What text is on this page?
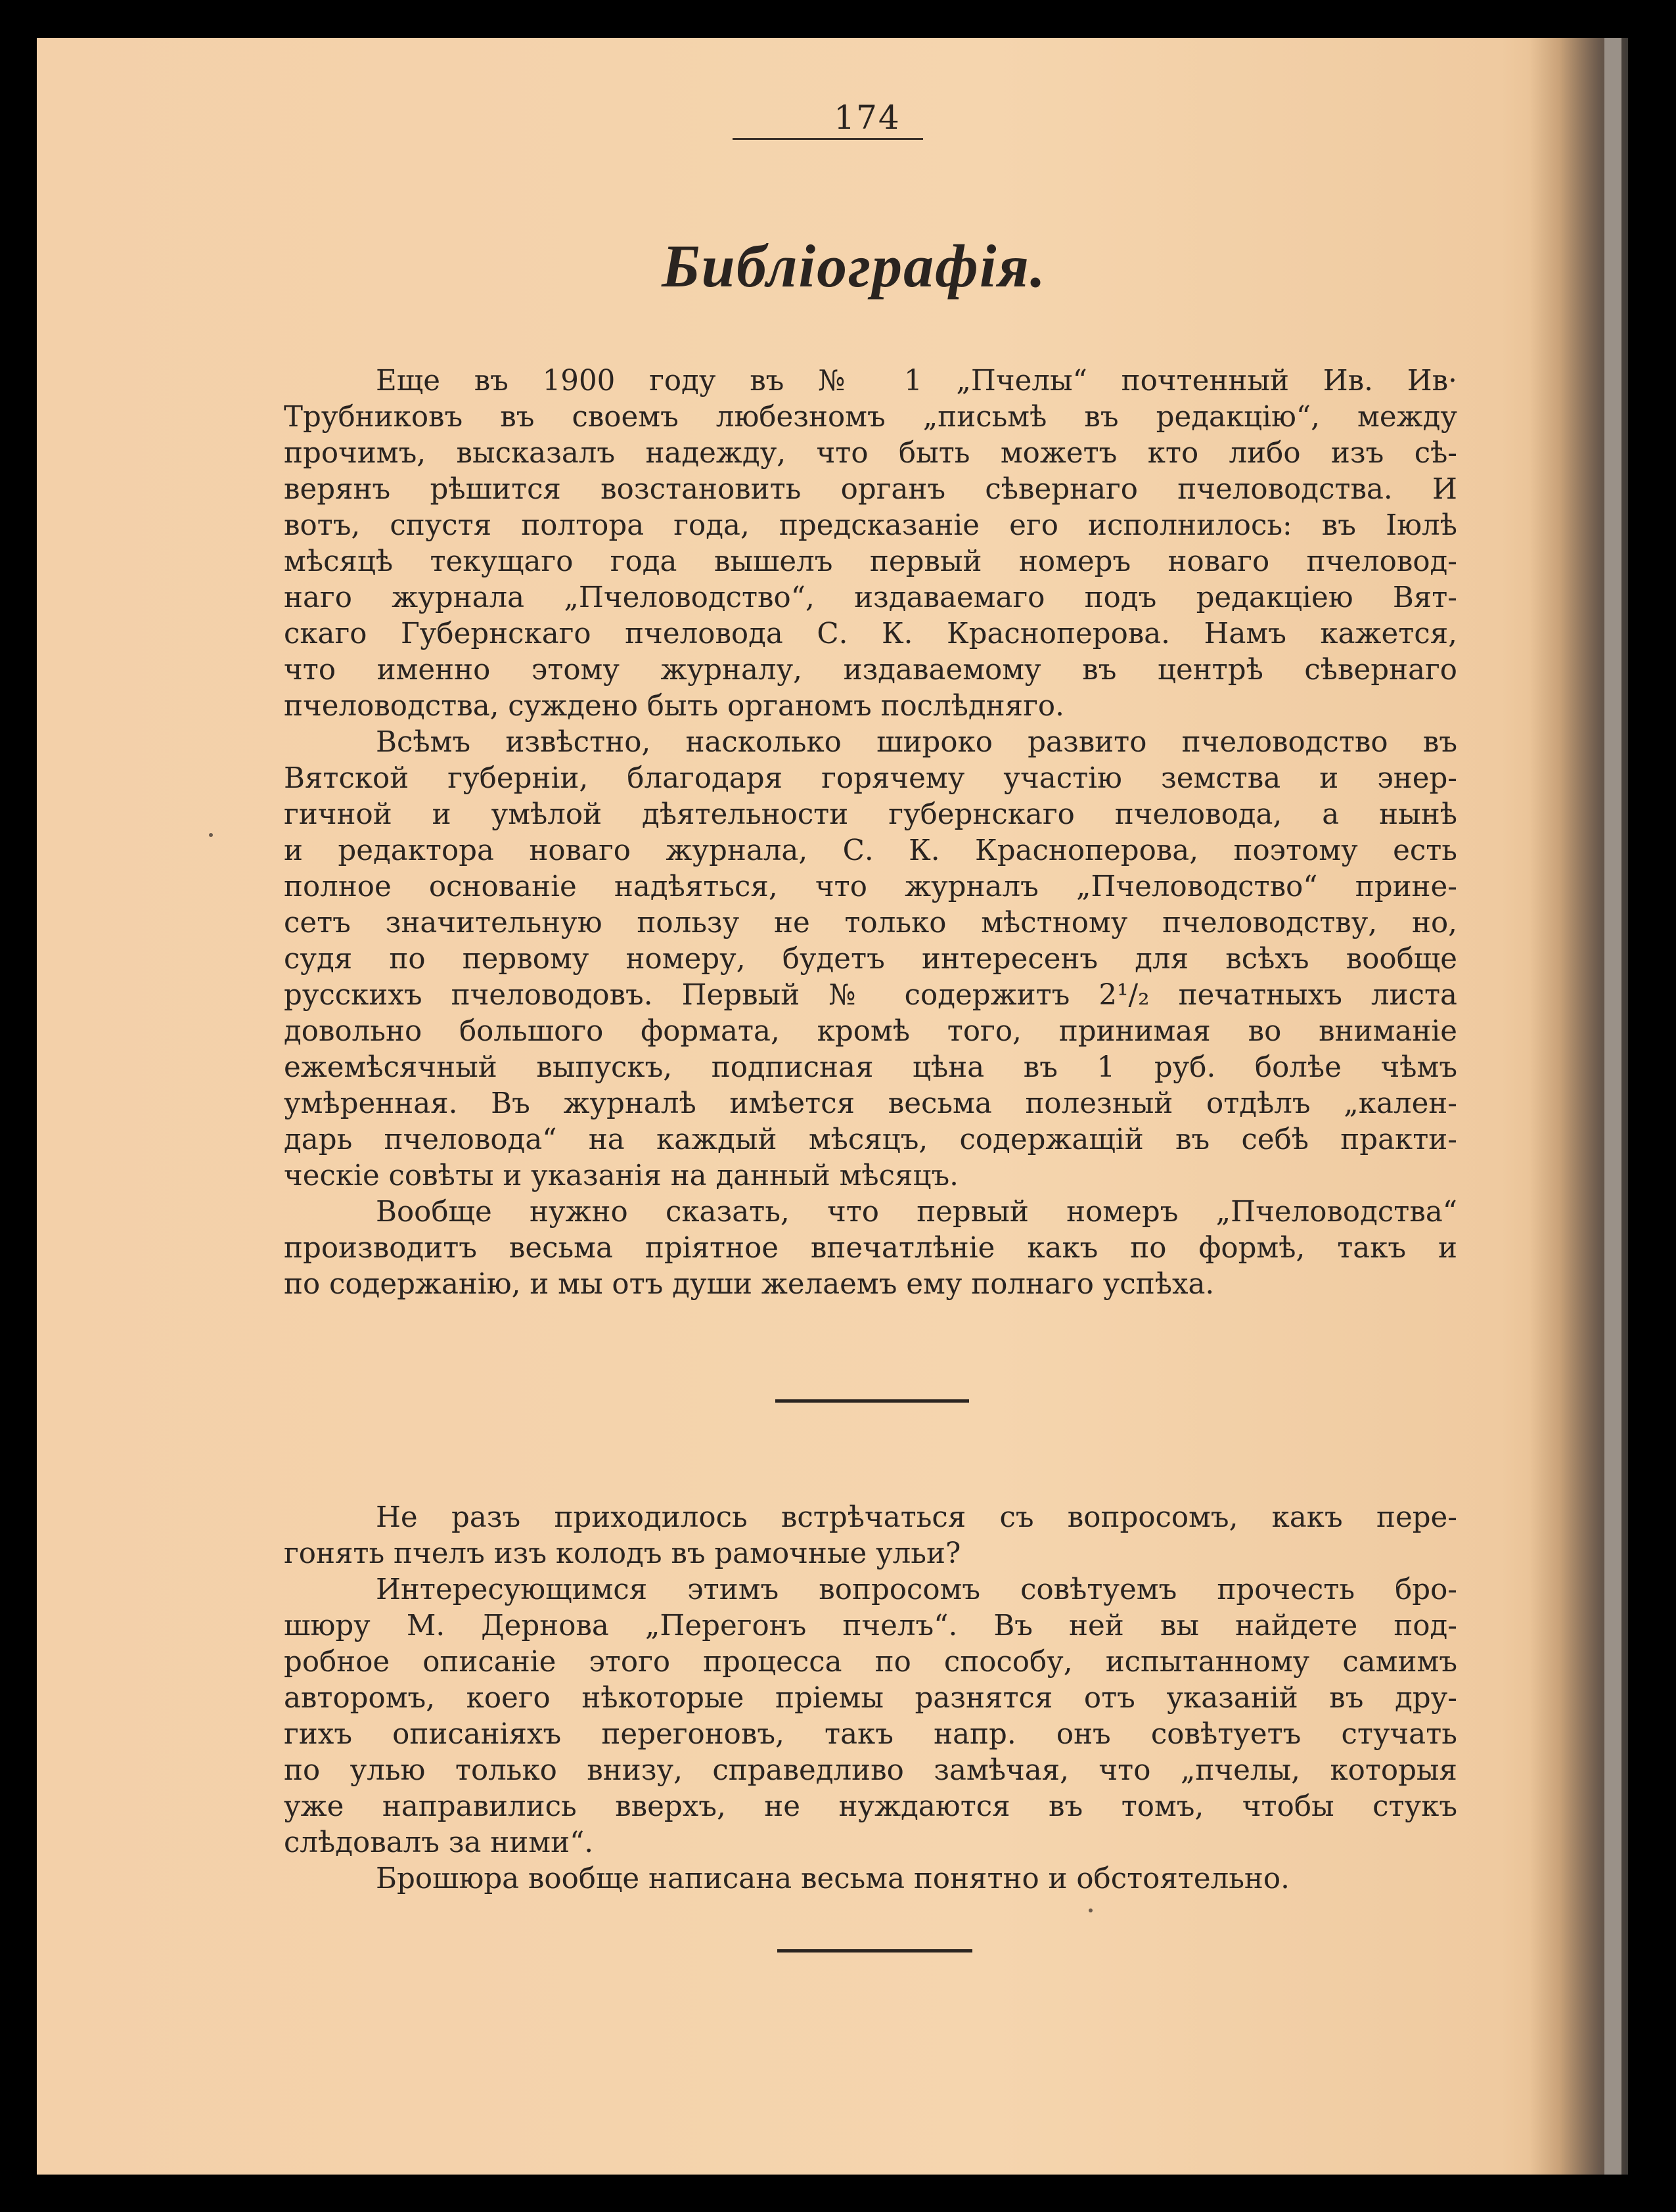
174
Библiографiя.
Еще въ 1900 году въ № 1 „Пчелы“ почтенный Ив. Ив·
Трубниковъ въ своемъ любезномъ „письмѣ въ редакцiю“, между
прочимъ, высказалъ надежду, что быть можетъ кто либо изъ сѣ-
верянъ рѣшится возстановить органъ сѣвернаго пчеловодства. И
вотъ, спустя полтора года, предсказанiе его исполнилось: въ Iюлѣ
мѣсяцѣ текущаго года вышелъ первый номеръ новаго пчеловод-
наго журнала „Пчеловодство“, издаваемаго подъ редакцiею Вят-
скаго Губернскаго пчеловода С. К. Красноперова. Намъ кажется,
что именно этому журналу, издаваемому въ центрѣ сѣвернаго
пчеловодства, суждено быть органомъ послѣдняго.
Всѣмъ извѣстно, насколько широко развито пчеловодство въ
Вятской губернiи, благодаря горячему участiю земства и энер-
гичной и умѣлой дѣятельности губернскаго пчеловода, а нынѣ
и редактора новаго журнала, С. К. Красноперова, поэтому есть
полное основанiе надѣяться, что журналъ „Пчеловодство“ прине-
сетъ значительную пользу не только мѣстному пчеловодству, но,
судя по первому номеру, будетъ интересенъ для всѣхъ вообще
русскихъ пчеловодовъ. Первый № содержитъ 2¹/₂ печатныхъ листа
довольно большого формата, кромѣ того, принимая во вниманiе
ежемѣсячный выпускъ, подписная цѣна въ 1 руб. болѣе чѣмъ
умѣренная. Въ журналѣ имѣется весьма полезный отдѣлъ „кален-
дарь пчеловода“ на каждый мѣсяцъ, содержащiй въ себѣ практи-
ческiе совѣты и указанiя на данный мѣсяцъ.
Вообще нужно сказать, что первый номеръ „Пчеловодства“
производитъ весьма прiятное впечатлѣнiе какъ по формѣ, такъ и
по содержанiю, и мы отъ души желаемъ ему полнаго успѣха.
Не разъ приходилось встрѣчаться съ вопросомъ, какъ пере-
гонять пчелъ изъ колодъ въ рамочные ульи?
Интересующимся этимъ вопросомъ совѣтуемъ прочесть бро-
шюру М. Дернова „Перегонъ пчелъ“. Въ ней вы найдете под-
робное описанiе этого процесса по способу, испытанному самимъ
авторомъ, коего нѣкоторые прiемы разнятся отъ указанiй въ дру-
гихъ описанiяхъ перегоновъ, такъ напр. онъ совѣтуетъ стучать
по улью только внизу, справедливо замѣчая, что „пчелы, которыя
уже направились вверхъ, не нуждаются въ томъ, чтобы стукъ
слѣдовалъ за ними“.
Брошюра вообще написана весьма понятно и обстоятельно.
